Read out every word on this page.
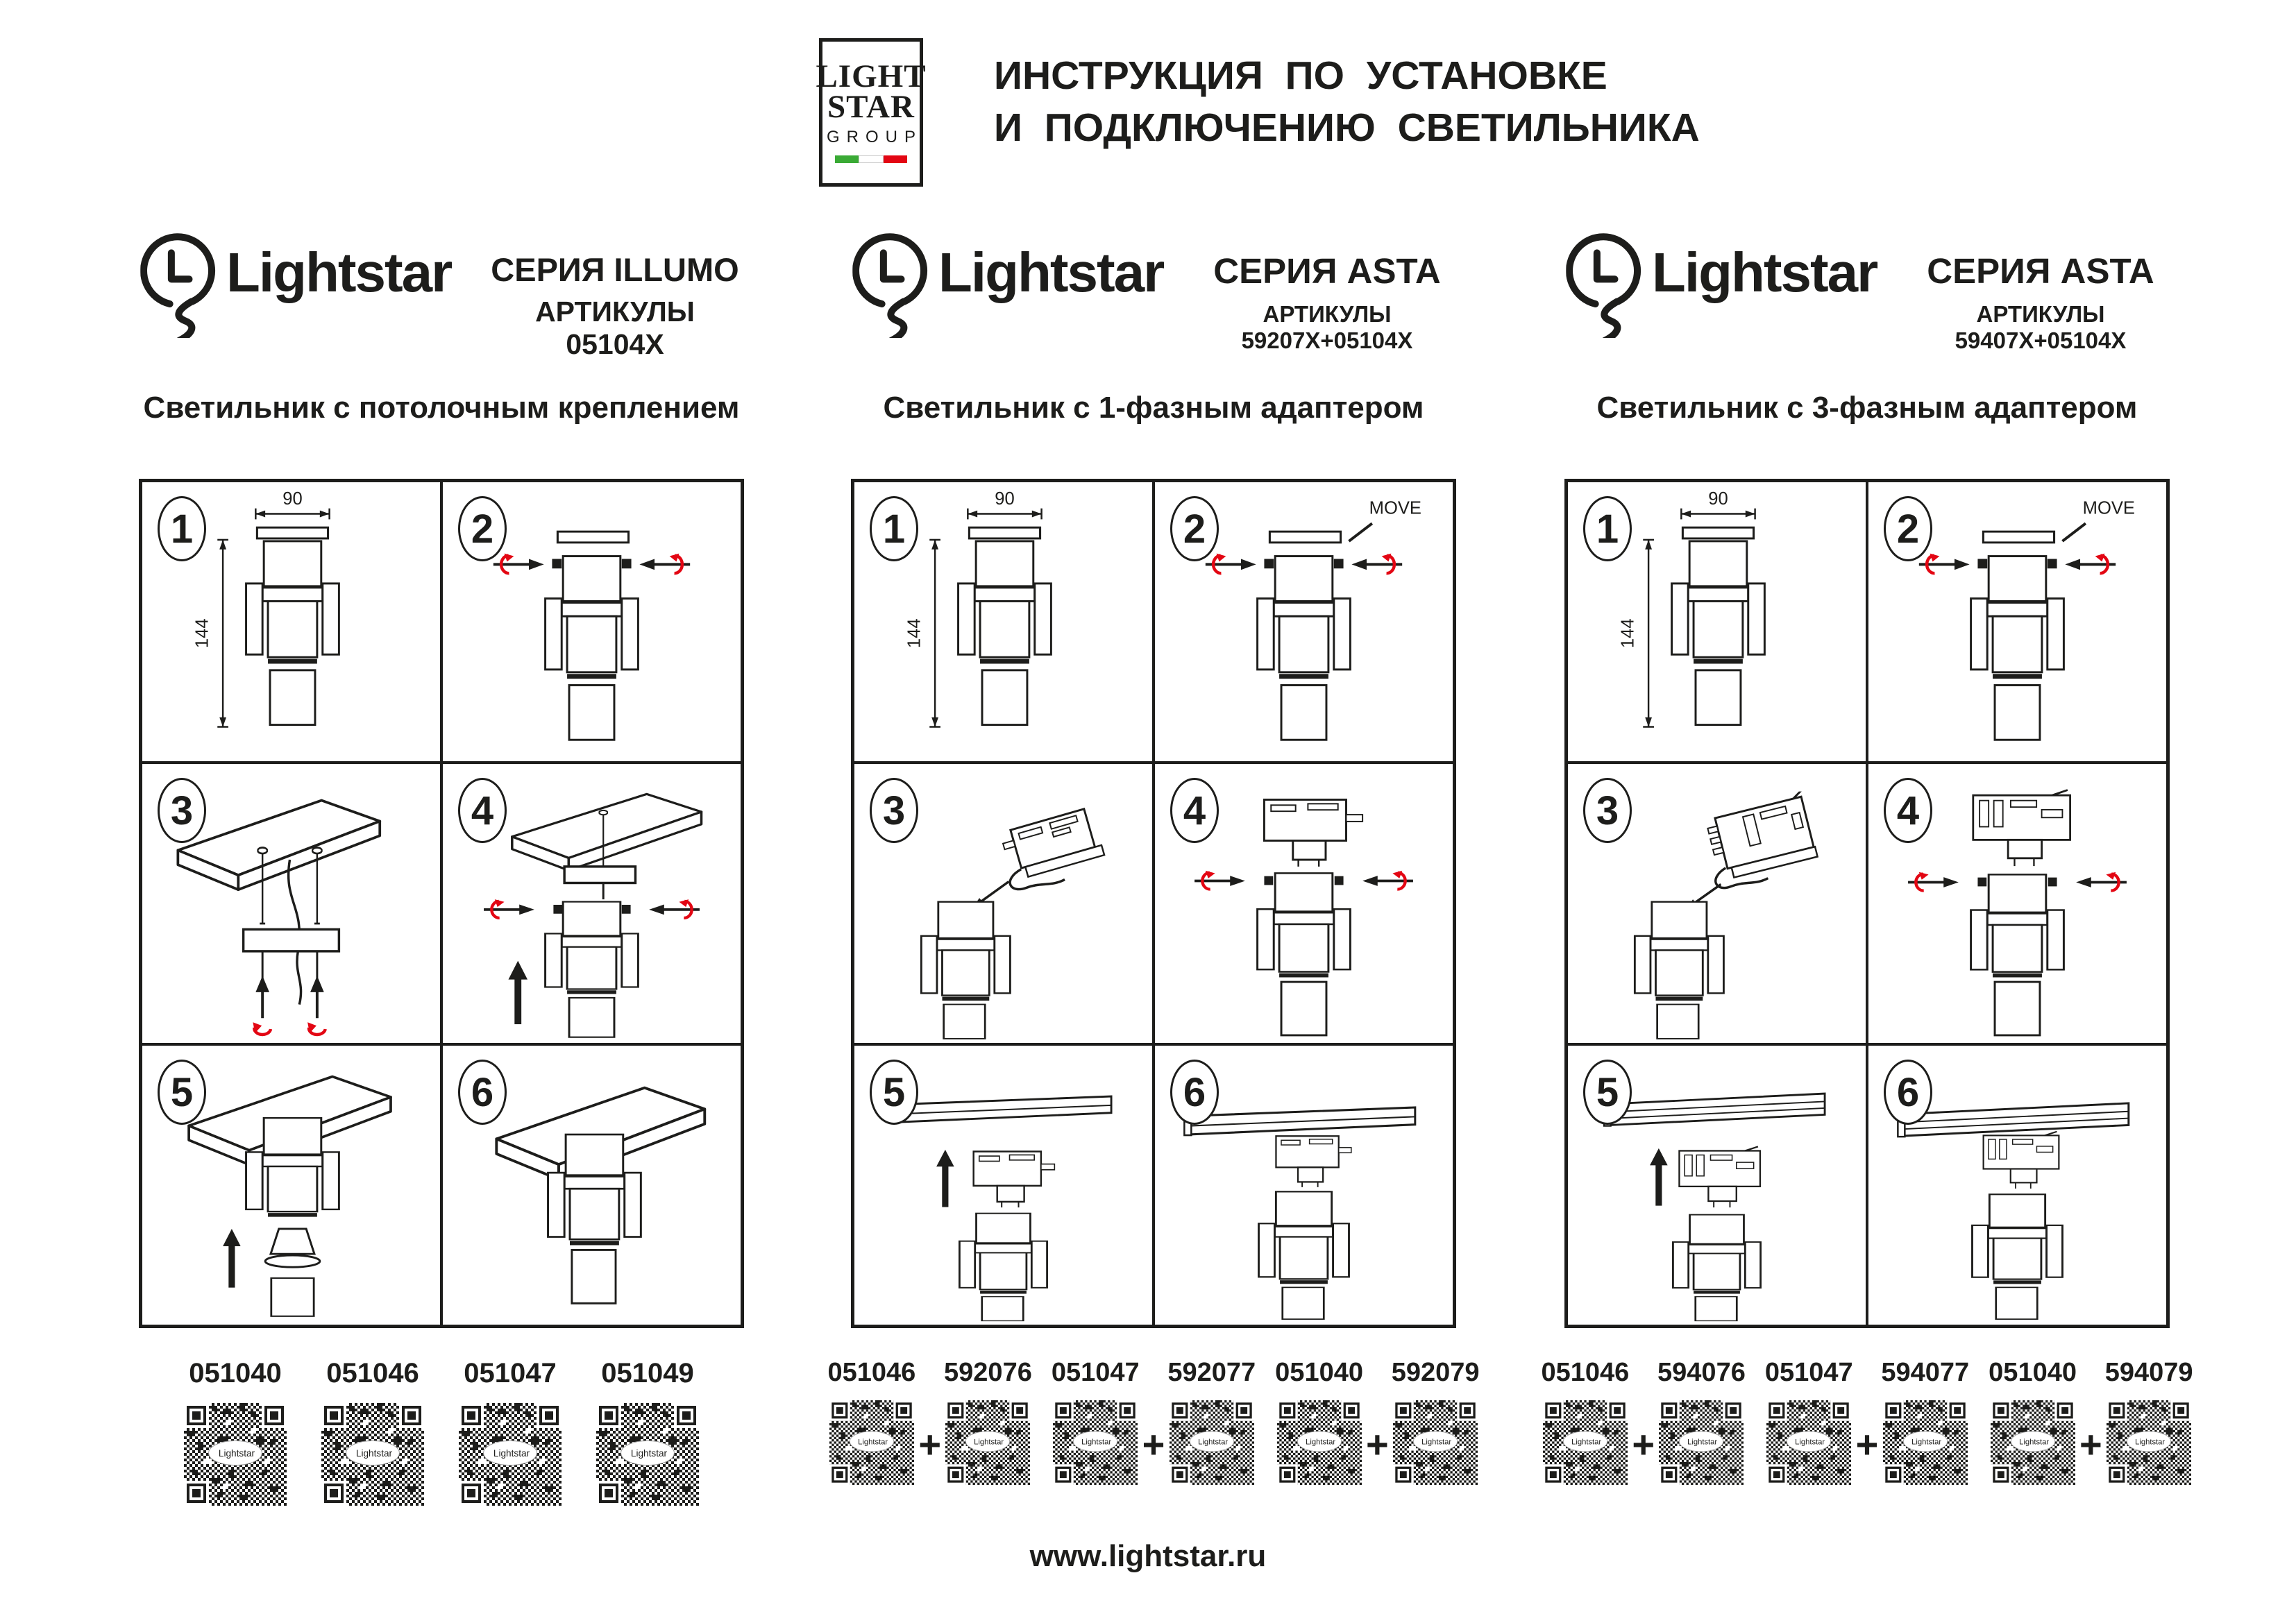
LIGHT
STAR
GROUP
ИНСТРУКЦИЯ ПО УСТАНОВКЕ
И ПОДКЛЮЧЕНИЮ СВЕТИЛЬНИКА
Lightstar СЕРИЯ ILLUMO
АРТИКУЛЫ 05104X
Светильник с потолочным креплением
1	2
3	4
5	6
051040 051046 051047 051049
Lightstar	СЕРИЯ ASTA
АРТИКУЛЫ 59207X+05104X
Светильник с 1-фазным адаптером
1	2
3	4
5	6
051046
+
592076 051047
+
592077 051040
+
592079
Lightstar	СЕРИЯ ASTA
АРТИКУЛЫ 59407X+05104X
Светильник с 3-фазным адаптером
1	2
3	4
5	6
051046
+
594076 051047
+
594077 051040
+
594079
www.lightstar.ru
